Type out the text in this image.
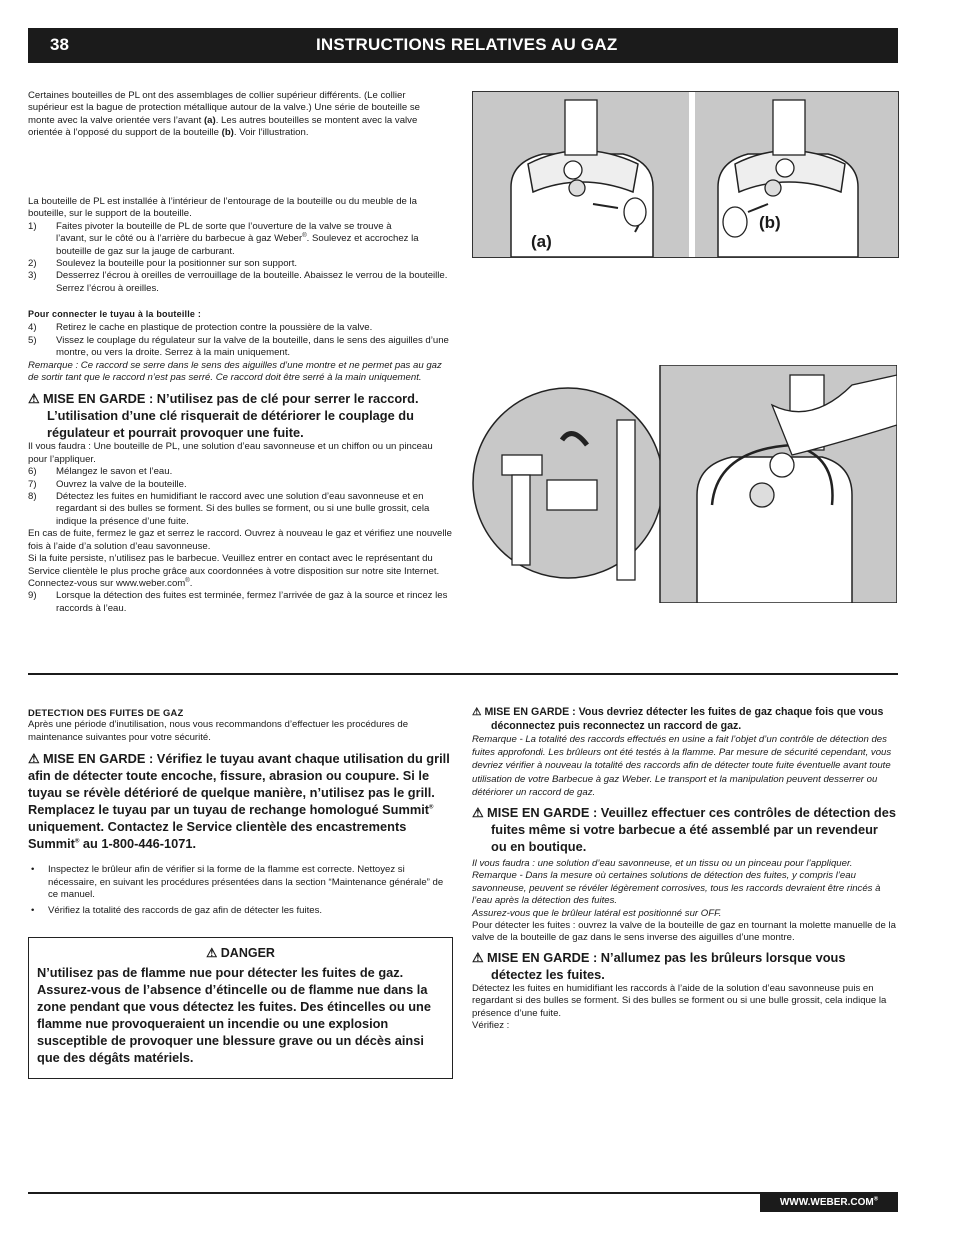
38	INSTRUCTIONS RELATIVES AU GAZ

Certaines bouteilles de PL ont des assemblages de collier supérieur différents. (Le collier supérieur est la bague de protection métallique autour de la valve.) Une série de bouteille se monte avec la valve orientée vers l’avant (a). Les autres bouteilles se montent avec la valve orientée à l’opposé du support de la bouteille (b). Voir l’illustration.

La bouteille de PL est installée à l’intérieur de l’entourage de la bouteille ou du meuble de la bouteille, sur le support de la bouteille.

1) Faites pivoter la bouteille de PL de sorte que l’ouverture de la valve se trouve à l’avant, sur le côté ou à l’arrière du barbecue à gaz Weber®. Soulevez et accrochez la bouteille de gaz sur la jauge de carburant.
2) Soulevez la bouteille pour la positionner sur son support.
3) Desserrez l’écrou à oreilles de verrouillage de la bouteille. Abaissez le verrou de la bouteille. Serrez l’écrou à oreilles.

Pour connecter le tuyau à la bouteille :

4) Retirez le cache en plastique de protection contre la poussière de la valve.
5) Vissez le couplage du régulateur sur la valve de la bouteille, dans le sens des aiguilles d’une montre, ou vers la droite. Serrez à la main uniquement.

Remarque : Ce raccord se serre dans le sens des aiguilles d’une montre et ne permet pas au gaz de sortir tant que le raccord n’est pas serré. Ce raccord doit être serré à la main uniquement.

⚠ MISE EN GARDE : N’utilisez pas de clé pour serrer le raccord. L’utilisation d’une clé risquerait de détériorer le couplage du régulateur et pourrait provoquer une fuite.

Il vous faudra : Une bouteille de PL, une solution d’eau savonneuse et un chiffon ou un pinceau pour l’appliquer.

6) Mélangez le savon et l’eau.
7) Ouvrez la valve de la bouteille.
8) Détectez les fuites en humidifiant le raccord avec une solution d’eau savonneuse et en regardant si des bulles se forment. Si des bulles se forment, ou si une bulle grossit, cela indique la présence d’une fuite.

En cas de fuite, fermez le gaz et serrez le raccord. Ouvrez à nouveau le gaz et vérifiez une nouvelle fois à l’aide d’a solution d’eau savonneuse.

Si la fuite persiste, n’utilisez pas le barbecue. Veuillez entrer en contact avec le représentant du Service clientèle le plus proche grâce aux coordonnées à votre disposition sur notre site Internet. Connectez-vous sur www.weber.com®.

9) Lorsque la détection des fuites est terminée, fermez l’arrivée de gaz à la source et rincez les raccords à l’eau.
(a)
(b)

DETECTION DES FUITES DE GAZ

Après une période d’inutilisation, nous vous recommandons d’effectuer les procédures de maintenance suivantes pour votre sécurité.

⚠ MISE EN GARDE : Vérifiez le tuyau avant chaque utilisation du grill afin de détecter toute encoche, fissure, abrasion ou coupure. Si le tuyau se révèle détérioré de quelque manière, n’utilisez pas le grill. Remplacez le tuyau par un tuyau de rechange homologué Summit® uniquement. Contactez le Service clientèle des encastrements Summit® au 1-800-446-1071.

• Inspectez le brûleur afin de vérifier si la forme de la flamme est correcte. Nettoyez si nécessaire, en suivant les procédures présentées dans la section “Maintenance générale” de ce manuel.
• Vérifiez la totalité des raccords de gaz afin de détecter les fuites.
⚠ DANGER
N’utilisez pas de flamme nue pour détecter les fuites de gaz. Assurez-vous de l’absence d’étincelle ou de flamme nue dans la zone pendant que vous détectez les fuites. Des étincelles ou une flamme nue provoqueraient un incendie ou une explosion susceptible de provoquer une blessure grave ou un décès ainsi que des dégâts matériels.

⚠ MISE EN GARDE : Vous devriez détecter les fuites de gaz chaque fois que vous déconnectez puis reconnectez un raccord de gaz.

Remarque - La totalité des raccords effectués en usine a fait l’objet d’un contrôle de détection des fuites approfondi. Les brûleurs ont été testés à la flamme. Par mesure de sécurité cependant, vous devriez vérifier à nouveau la totalité des raccords afin de détecter toute fuite éventuelle avant toute utilisation de votre Barbecue à gaz Weber. Le transport et la manipulation peuvent desserrer ou détériorer un raccord de gaz.

⚠ MISE EN GARDE : Veuillez effectuer ces contrôles de détection des fuites même si votre barbecue a été assemblé par un revendeur ou en boutique.

Il vous faudra : une solution d’eau savonneuse, et un tissu ou un pinceau pour l’appliquer.

Remarque - Dans la mesure où certaines solutions de détection des fuites, y compris l’eau savonneuse, peuvent se révéler légèrement corrosives, tous les raccords devraient être rincés à l’eau après la détection des fuites.

Assurez-vous que le brûleur latéral est positionné sur OFF.

Pour détecter les fuites : ouvrez la valve de la bouteille de gaz en tournant la molette manuelle de la valve de la bouteille de gaz dans le sens inverse des aiguilles d’une montre.

⚠ MISE EN GARDE : N’allumez pas les brûleurs lorsque vous détectez les fuites.

Détectez les fuites en humidifiant les raccords à l’aide de la solution d’eau savonneuse puis en regardant si des bulles se forment. Si des bulles se forment ou si une bulle grossit, cela indique la présence d’une fuite.

Vérifiez :

WWW.WEBER.COM®
